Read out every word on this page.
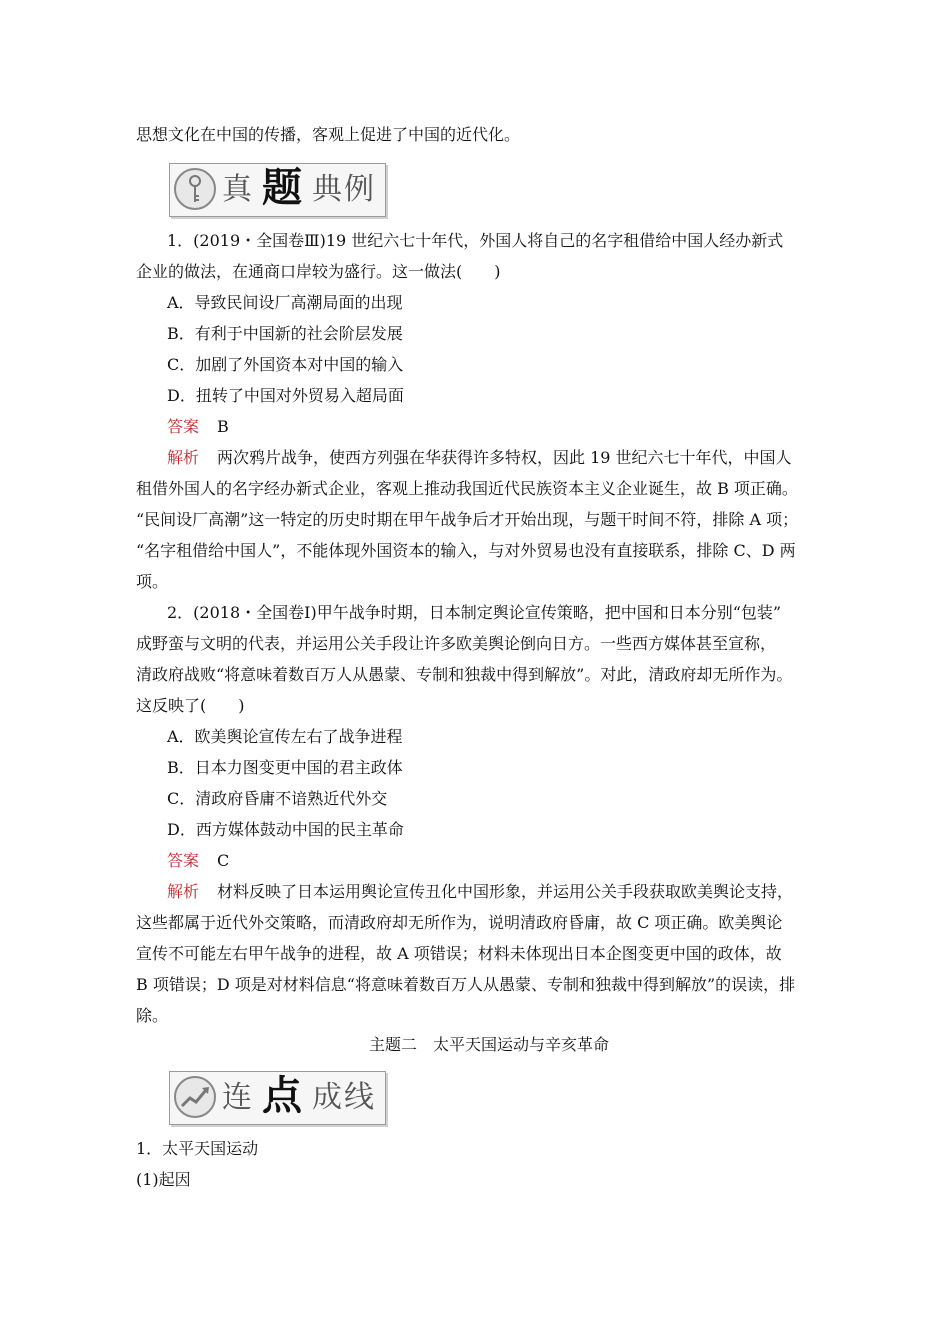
思想文化在中国的传播，客观上促进了中国的近代化。
真 题 典例
1．(2019・全国卷Ⅲ)19 世纪六七十年代，外国人将自己的名字租借给中国人经办新式
企业的做法，在通商口岸较为盛行。这一做法(　　)
A．导致民间设厂高潮局面的出现
B．有利于中国新的社会阶层发展
C．加剧了外国资本对中国的输入
D．扭转了中国对外贸易入超局面
答案 B
解析 两次鸦片战争，使西方列强在华获得许多特权，因此 19 世纪六七十年代，中国人
租借外国人的名字经办新式企业，客观上推动我国近代民族资本主义企业诞生，故 B 项正确。
“民间设厂高潮”这一特定的历史时期在甲午战争后才开始出现，与题干时间不符，排除 A 项；
“名字租借给中国人”，不能体现外国资本的输入，与对外贸易也没有直接联系，排除 C、D 两
项。
2．(2018・全国卷Ⅰ)甲午战争时期，日本制定舆论宣传策略，把中国和日本分别“包装”
成野蛮与文明的代表，并运用公关手段让许多欧美舆论倒向日方。一些西方媒体甚至宣称，
清政府战败“将意味着数百万人从愚蒙、专制和独裁中得到解放”。对此，清政府却无所作为。
这反映了(　　)
A．欧美舆论宣传左右了战争进程
B．日本力图变更中国的君主政体
C．清政府昏庸不谙熟近代外交
D．西方媒体鼓动中国的民主革命
答案 C
解析 材料反映了日本运用舆论宣传丑化中国形象，并运用公关手段获取欧美舆论支持，
这些都属于近代外交策略，而清政府却无所作为，说明清政府昏庸，故 C 项正确。欧美舆论
宣传不可能左右甲午战争的进程，故 A 项错误；材料未体现出日本企图变更中国的政体，故
B 项错误；D 项是对材料信息“将意味着数百万人从愚蒙、专制和独裁中得到解放”的误读，排
除。
主题二　太平天国运动与辛亥革命
连 点 成线
1．太平天国运动
(1)起因
